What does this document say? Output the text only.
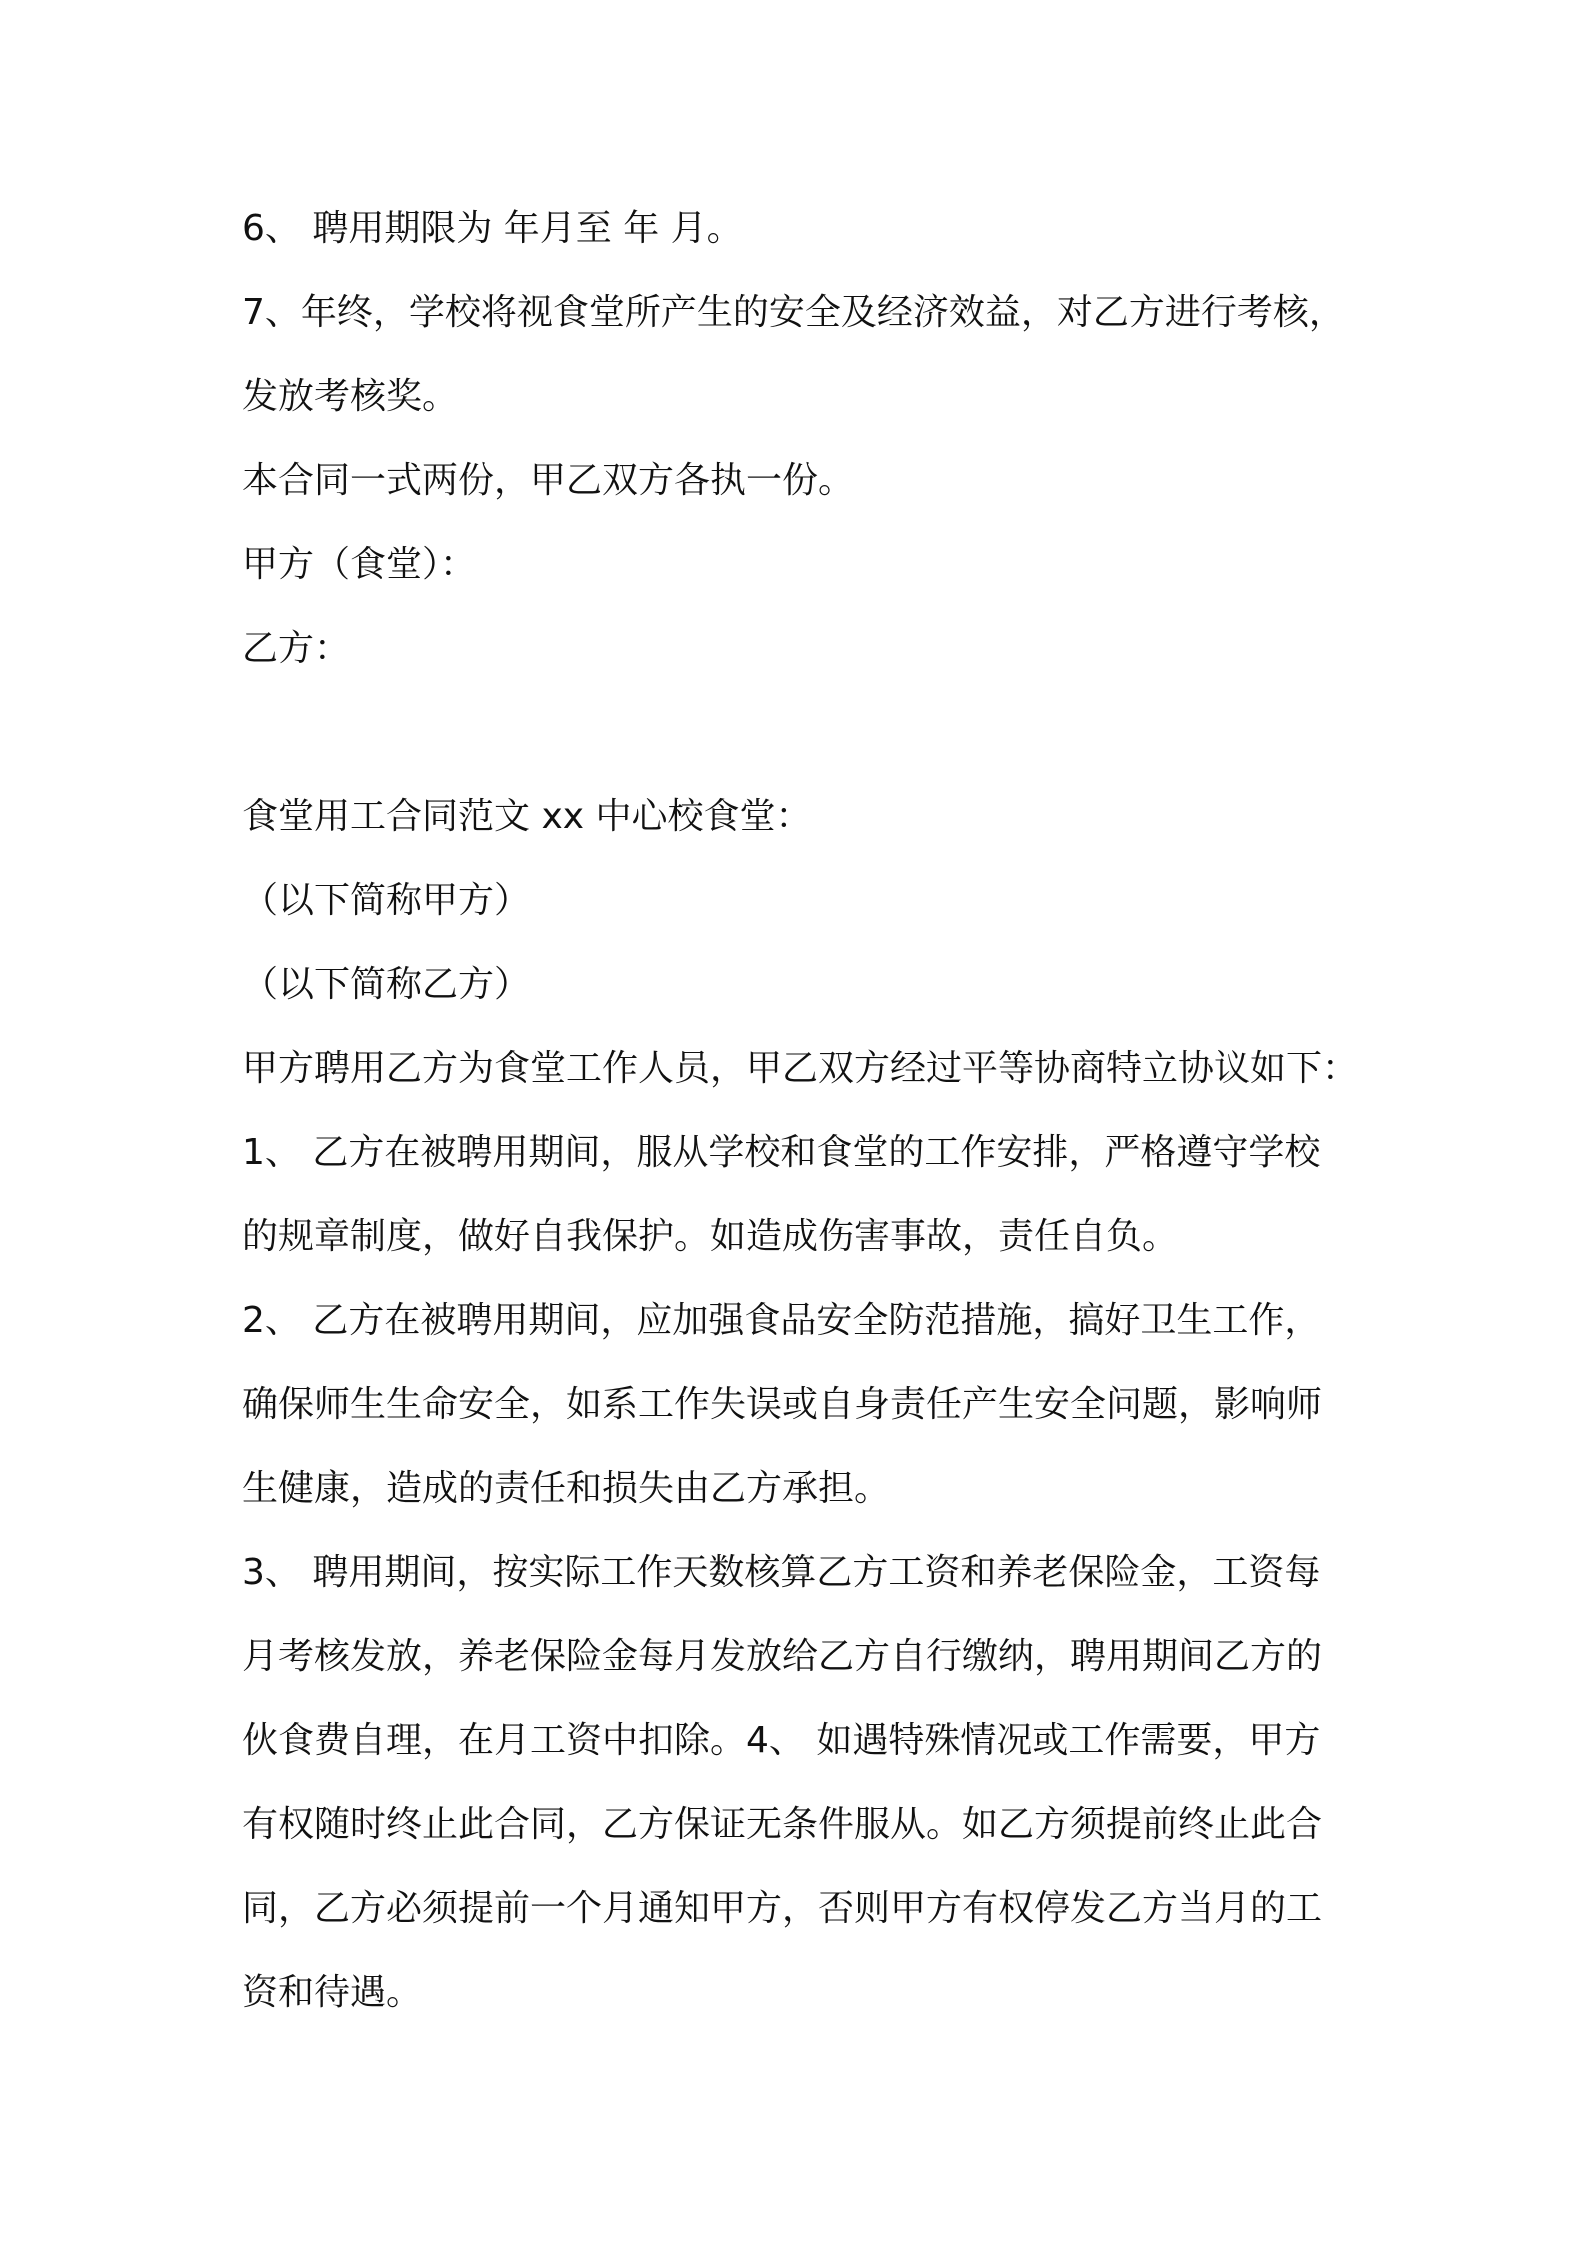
6、 聘用期限为 年月至 年 月。
7、年终，学校将视食堂所产生的安全及经济效益，对乙方进行考核，
发放考核奖。
本合同一式两份，甲乙双方各执一份。
甲方（食堂）：
乙方：
食堂用工合同范文 xx 中心校食堂：
（以下简称甲方）
（以下简称乙方）
甲方聘用乙方为食堂工作人员，甲乙双方经过平等协商特立协议如下：
1、 乙方在被聘用期间，服从学校和食堂的工作安排，严格遵守学校
的规章制度，做好自我保护。如造成伤害事故，责任自负。
2、 乙方在被聘用期间，应加强食品安全防范措施，搞好卫生工作，
确保师生生命安全，如系工作失误或自身责任产生安全问题，影响师
生健康，造成的责任和损失由乙方承担。
3、 聘用期间，按实际工作天数核算乙方工资和养老保险金，工资每
月考核发放，养老保险金每月发放给乙方自行缴纳，聘用期间乙方的
伙食费自理，在月工资中扣除。4、 如遇特殊情况或工作需要，甲方
有权随时终止此合同，乙方保证无条件服从。如乙方须提前终止此合
同，乙方必须提前一个月通知甲方，否则甲方有权停发乙方当月的工
资和待遇。
